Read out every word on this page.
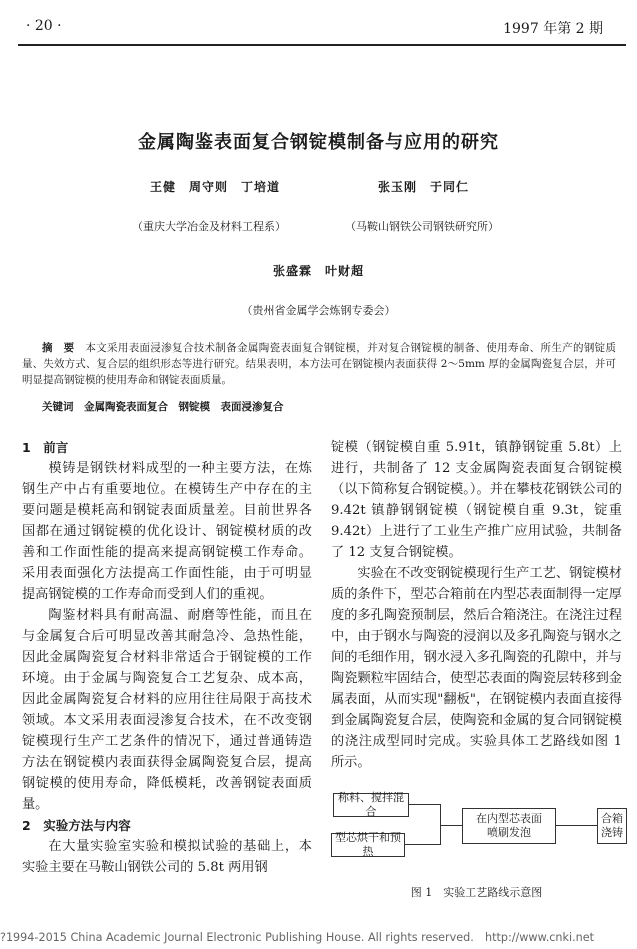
· 20 ·	1997 年第 2 期
金属陶鉴表面复合钢锭模制备与应用的研究
王健　周守则　丁培道	张玉刚　于同仁
（重庆大学冶金及材料工程系）	（马鞍山钢铁公司钢铁研究所）
张盛霖　叶财超
（贵州省金属学会炼钢专委会）
摘　要　 本文采用表面浸渗复合技术制备金属陶瓷表面复合钢锭模，并对复合钢锭模的制备、使用寿命、所生产的钢锭质量、失效方式、复合层的组织形态等进行研究。结果表明，本方法可在钢锭模内表面获得 2～5mm 厚的金属陶瓷复合层，并可明显提高钢锭模的使用寿命和钢锭表面质量。
关键词　 金属陶瓷表面复合　钢锭模　表面浸渗复合
1　前言

模铸是钢铁材料成型的一种主要方法，在炼钢生产中占有重要地位。在模铸生产中存在的主要问题是模耗高和钢锭表面质量差。目前世界各国都在通过钢锭模的优化设计、钢锭模材质的改善和工作面性能的提高来提高钢锭模工作寿命。采用表面强化方法提高工作面性能，由于可明显提高钢锭模的工作寿命而受到人们的重视。

陶鉴材料具有耐高温、耐磨等性能，而且在与金属复合后可明显改善其耐急冷、急热性能，因此金属陶瓷复合材料非常适合于钢锭模的工作环境。由于金属与陶瓷复合工艺复杂、成本高，因此金属陶瓷复合材料的应用往往局限于高技术领域。本文采用表面浸渗复合技术，在不改变钢锭模现行生产工艺条件的情况下，通过普通铸造方法在钢锭模内表面获得金属陶瓷复合层，提高钢锭模的使用寿命，降低模耗，改善钢锭表面质量。

2　实验方法与内容

在大量实验室实验和模拟试验的基础上，本实验主要在马鞍山钢铁公司的 5.8t 两用钢

锭模（钢锭模自重 5.91t，镇静钢锭重 5.8t）上进行，共制备了 12 支金属陶瓷表面复合钢锭模（以下简称复合钢锭模。）。并在攀枝花钢铁公司的 9.42t 镇静钢钢锭模（钢锭模自重 9.3t，锭重 9.42t）上进行了工业生产推广应用试验，共制备了 12 支复合钢锭模。

实验在不改变钢锭模现行生产工艺、钢锭模材质的条件下，型芯合箱前在内型芯表面制得一定厚度的多孔陶瓷预制层，然后合箱浇注。在浇注过程中，由于钢水与陶瓷的浸润以及多孔陶瓷与钢水之间的毛细作用，钢水浸入多孔陶瓷的孔隙中，并与陶瓷颗粒牢固结合，使型芯表面的陶瓷层转移到金属表面，从而实现"翻板"，在钢锭模内表面直接得到金属陶瓷复合层，使陶瓷和金属的复合同钢锭模的浇注成型同时完成。实验具体工艺路线如图 1 所示。

称料、搅拌混合
型芯烘干和预热
在内型芯表面
喷刷发泡
合箱
浇铸
图 1　实验工艺路线示意图
?1994-2015 China Academic Journal Electronic Publishing House. All rights reserved.　http://www.cnki.net
